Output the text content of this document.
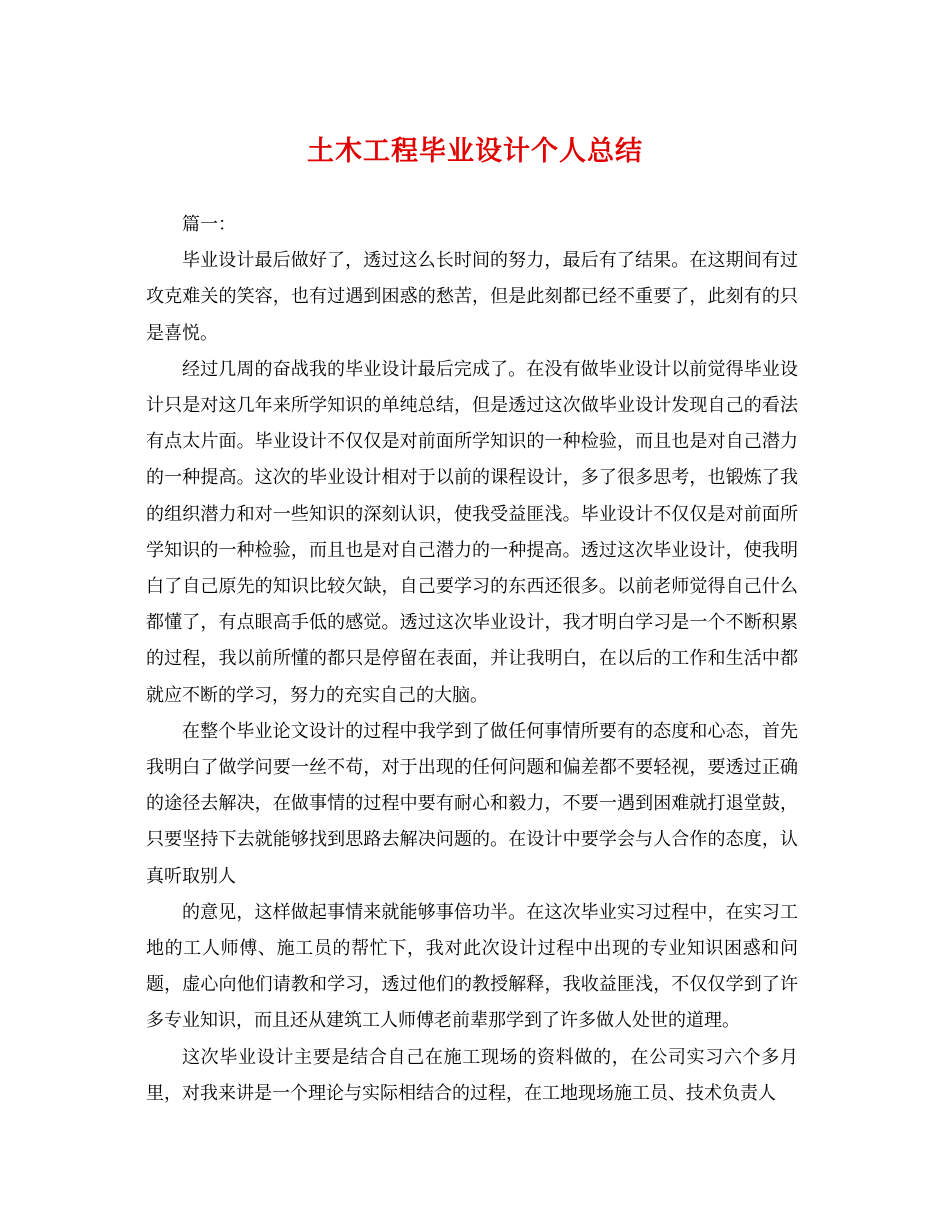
土木工程毕业设计个人总结

篇一：

毕业设计最后做好了，透过这么长时间的努力，最后有了结果。在这期间有过攻克难关的笑容，也有过遇到困惑的愁苦，但是此刻都已经不重要了，此刻有的只是喜悦。

经过几周的奋战我的毕业设计最后完成了。在没有做毕业设计以前觉得毕业设计只是对这几年来所学知识的单纯总结，但是透过这次做毕业设计发现自己的看法有点太片面。毕业设计不仅仅是对前面所学知识的一种检验，而且也是对自己潜力的一种提高。这次的毕业设计相对于以前的课程设计，多了很多思考，也锻炼了我的组织潜力和对一些知识的深刻认识，使我受益匪浅。毕业设计不仅仅是对前面所学知识的一种检验，而且也是对自己潜力的一种提高。透过这次毕业设计，使我明白了自己原先的知识比较欠缺，自己要学习的东西还很多。以前老师觉得自己什么都懂了，有点眼高手低的感觉。透过这次毕业设计，我才明白学习是一个不断积累的过程，我以前所懂的都只是停留在表面，并让我明白，在以后的工作和生活中都就应不断的学习，努力的充实自己的大脑。

在整个毕业论文设计的过程中我学到了做任何事情所要有的态度和心态，首先我明白了做学问要一丝不苟，对于出现的任何问题和偏差都不要轻视，要透过正确的途径去解决，在做事情的过程中要有耐心和毅力，不要一遇到困难就打退堂鼓，只要坚持下去就能够找到思路去解决问题的。在设计中要学会与人合作的态度，认真听取别人

的意见，这样做起事情来就能够事倍功半。在这次毕业实习过程中，在实习工地的工人师傅、施工员的帮忙下，我对此次设计过程中出现的专业知识困惑和问题，虚心向他们请教和学习，透过他们的教授解释，我收益匪浅，不仅仅学到了许多专业知识，而且还从建筑工人师傅老前辈那学到了许多做人处世的道理。

这次毕业设计主要是结合自己在施工现场的资料做的，在公司实习六个多月里，对我来讲是一个理论与实际相结合的过程，在工地现场施工员、技术负责人
